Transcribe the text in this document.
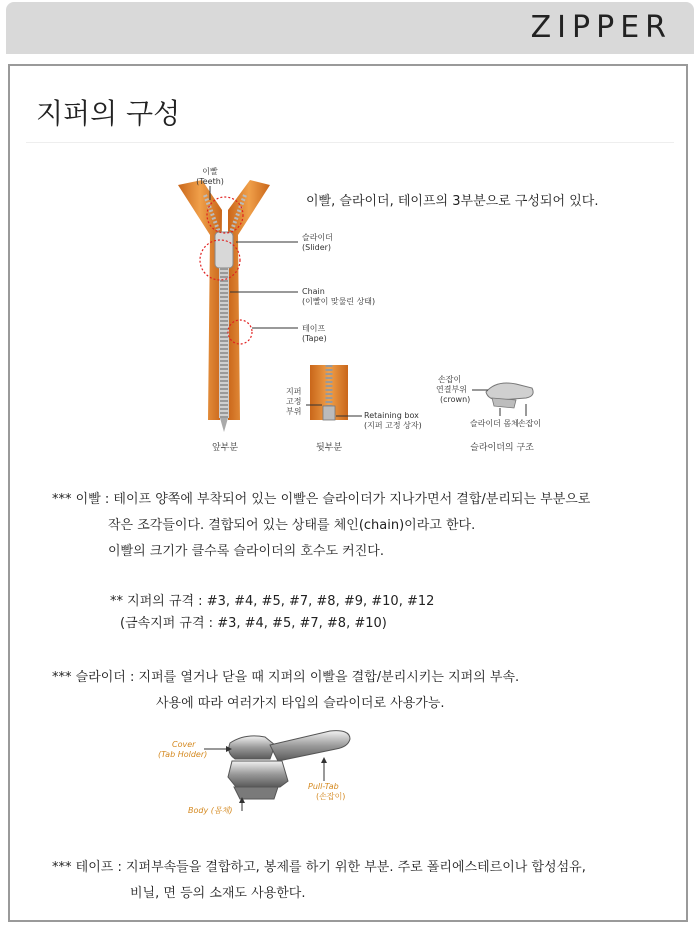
ZIPPER
지퍼의 구성
이빨
(Teeth)
슬라이더
(Slider)
Chain
(이빨이 맞물린 상태)
테이프
(Tape)
앞부분
지퍼
고정
부위	Retaining box
(지퍼 고정 상자)
뒷부분
손잡이
연결부위
(crown)
손잡이
슬라이더 몸체
슬라이더의 구조
이빨, 슬라이더, 테이프의 3부분으로 구성되어 있다.
*** 이빨 : 테이프 양쪽에 부착되어 있는 이빨은 슬라이더가 지나가면서 결합/분리되는 부분으로
작은 조각들이다. 결합되어 있는 상태를 체인(chain)이라고 한다.
이빨의 크기가 클수록 슬라이더의 호수도 커진다.
** 지퍼의 규격 : #3, #4, #5, #7, #8, #9, #10, #12
(금속지퍼 규격 : #3, #4, #5, #7, #8, #10)
*** 슬라이더 : 지퍼를 열거나 닫을 때 지퍼의 이빨을 결합/분리시키는 지퍼의 부속.
사용에 따라 여러가지 타입의 슬라이더로 사용가능.
Cover
(Tab Holder)
Pull-Tab
(손잡이)
Body (몸체)
*** 테이프 : 지퍼부속들을 결합하고, 봉제를 하기 위한 부분. 주로 폴리에스테르이나 합성섬유,
비닐, 면 등의 소재도 사용한다.
